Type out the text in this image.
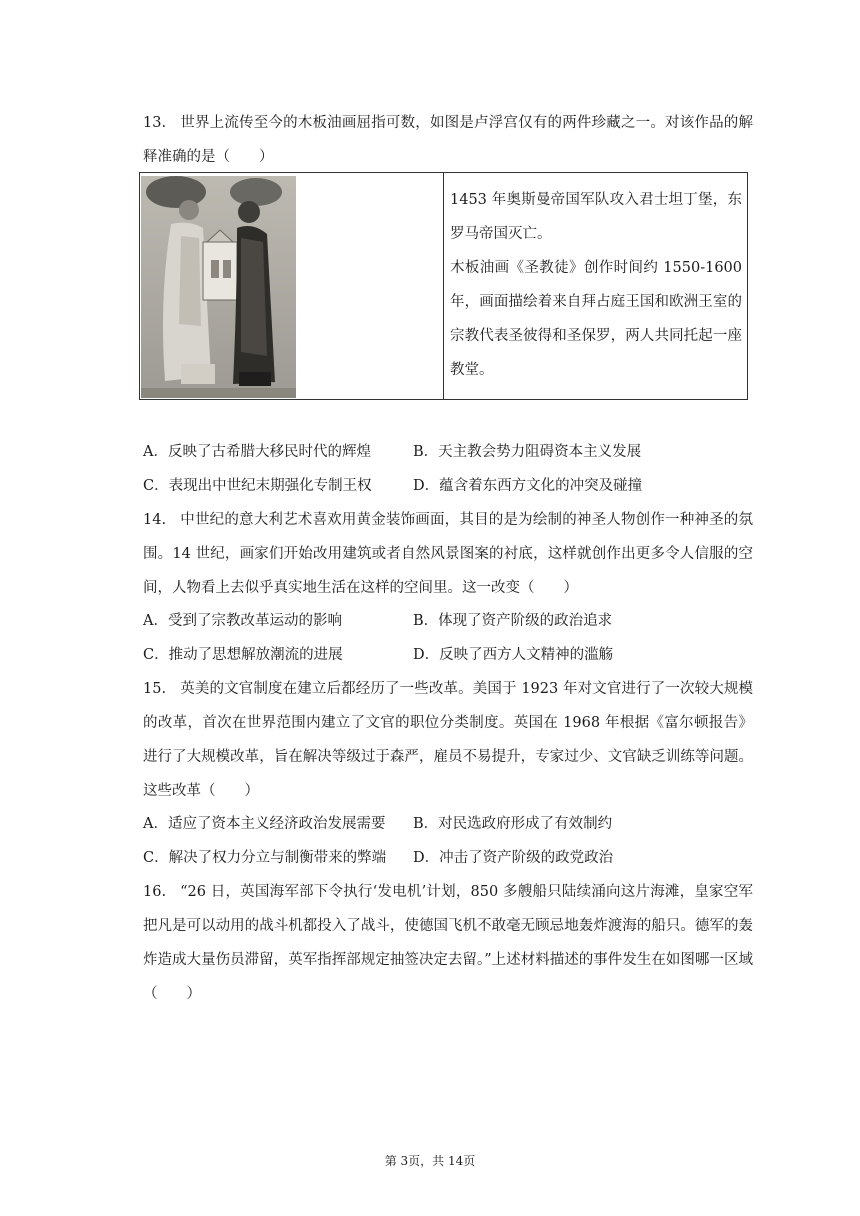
13. 世界上流传至今的木板油画屈指可数，如图是卢浮宫仅有的两件珍藏之一。对该作品的解释准确的是（　　）
1453 年奥斯曼帝国军队攻入君士坦丁堡，东罗马帝国灭亡。
木板油画《圣教徒》创作时间约 1550-1600 年，画面描绘着来自拜占庭王国和欧洲王室的宗教代表圣彼得和圣保罗，两人共同托起一座教堂。
A．反映了古希腊大移民时代的辉煌	B．天主教会势力阻碍资本主义发展
C．表现出中世纪末期强化专制王权	D．蕴含着东西方文化的冲突及碰撞
14. 中世纪的意大利艺术喜欢用黄金装饰画面，其目的是为绘制的神圣人物创作一种神圣的氛围。14 世纪，画家们开始改用建筑或者自然风景图案的衬底，这样就创作出更多令人信服的空间，人物看上去似乎真实地生活在这样的空间里。这一改变（　　）
A．受到了宗教改革运动的影响	B．体现了资产阶级的政治追求
C．推动了思想解放潮流的进展	D．反映了西方人文精神的滥觞
15. 英美的文官制度在建立后都经历了一些改革。美国于 1923 年对文官进行了一次较大规模的改革，首次在世界范围内建立了文官的职位分类制度。英国在 1968 年根据《富尔顿报告》进行了大规模改革，旨在解决等级过于森严，雇员不易提升，专家过少、文官缺乏训练等问题。这些改革（　　）
A．适应了资本主义经济政治发展需要 B．对民选政府形成了有效制约
C．解决了权力分立与制衡带来的弊端 D．冲击了资产阶级的政党政治
16. “26 日，英国海军部下令执行‘发电机’计划，850 多艘船只陆续涌向这片海滩，皇家空军把凡是可以动用的战斗机都投入了战斗，使德国飞机不敢毫无顾忌地轰炸渡海的船只。德军的轰炸造成大量伤员滞留，英军指挥部规定抽签决定去留。”上述材料描述的事件发生在如图哪一区域（　　）
第 3页，共 14页
